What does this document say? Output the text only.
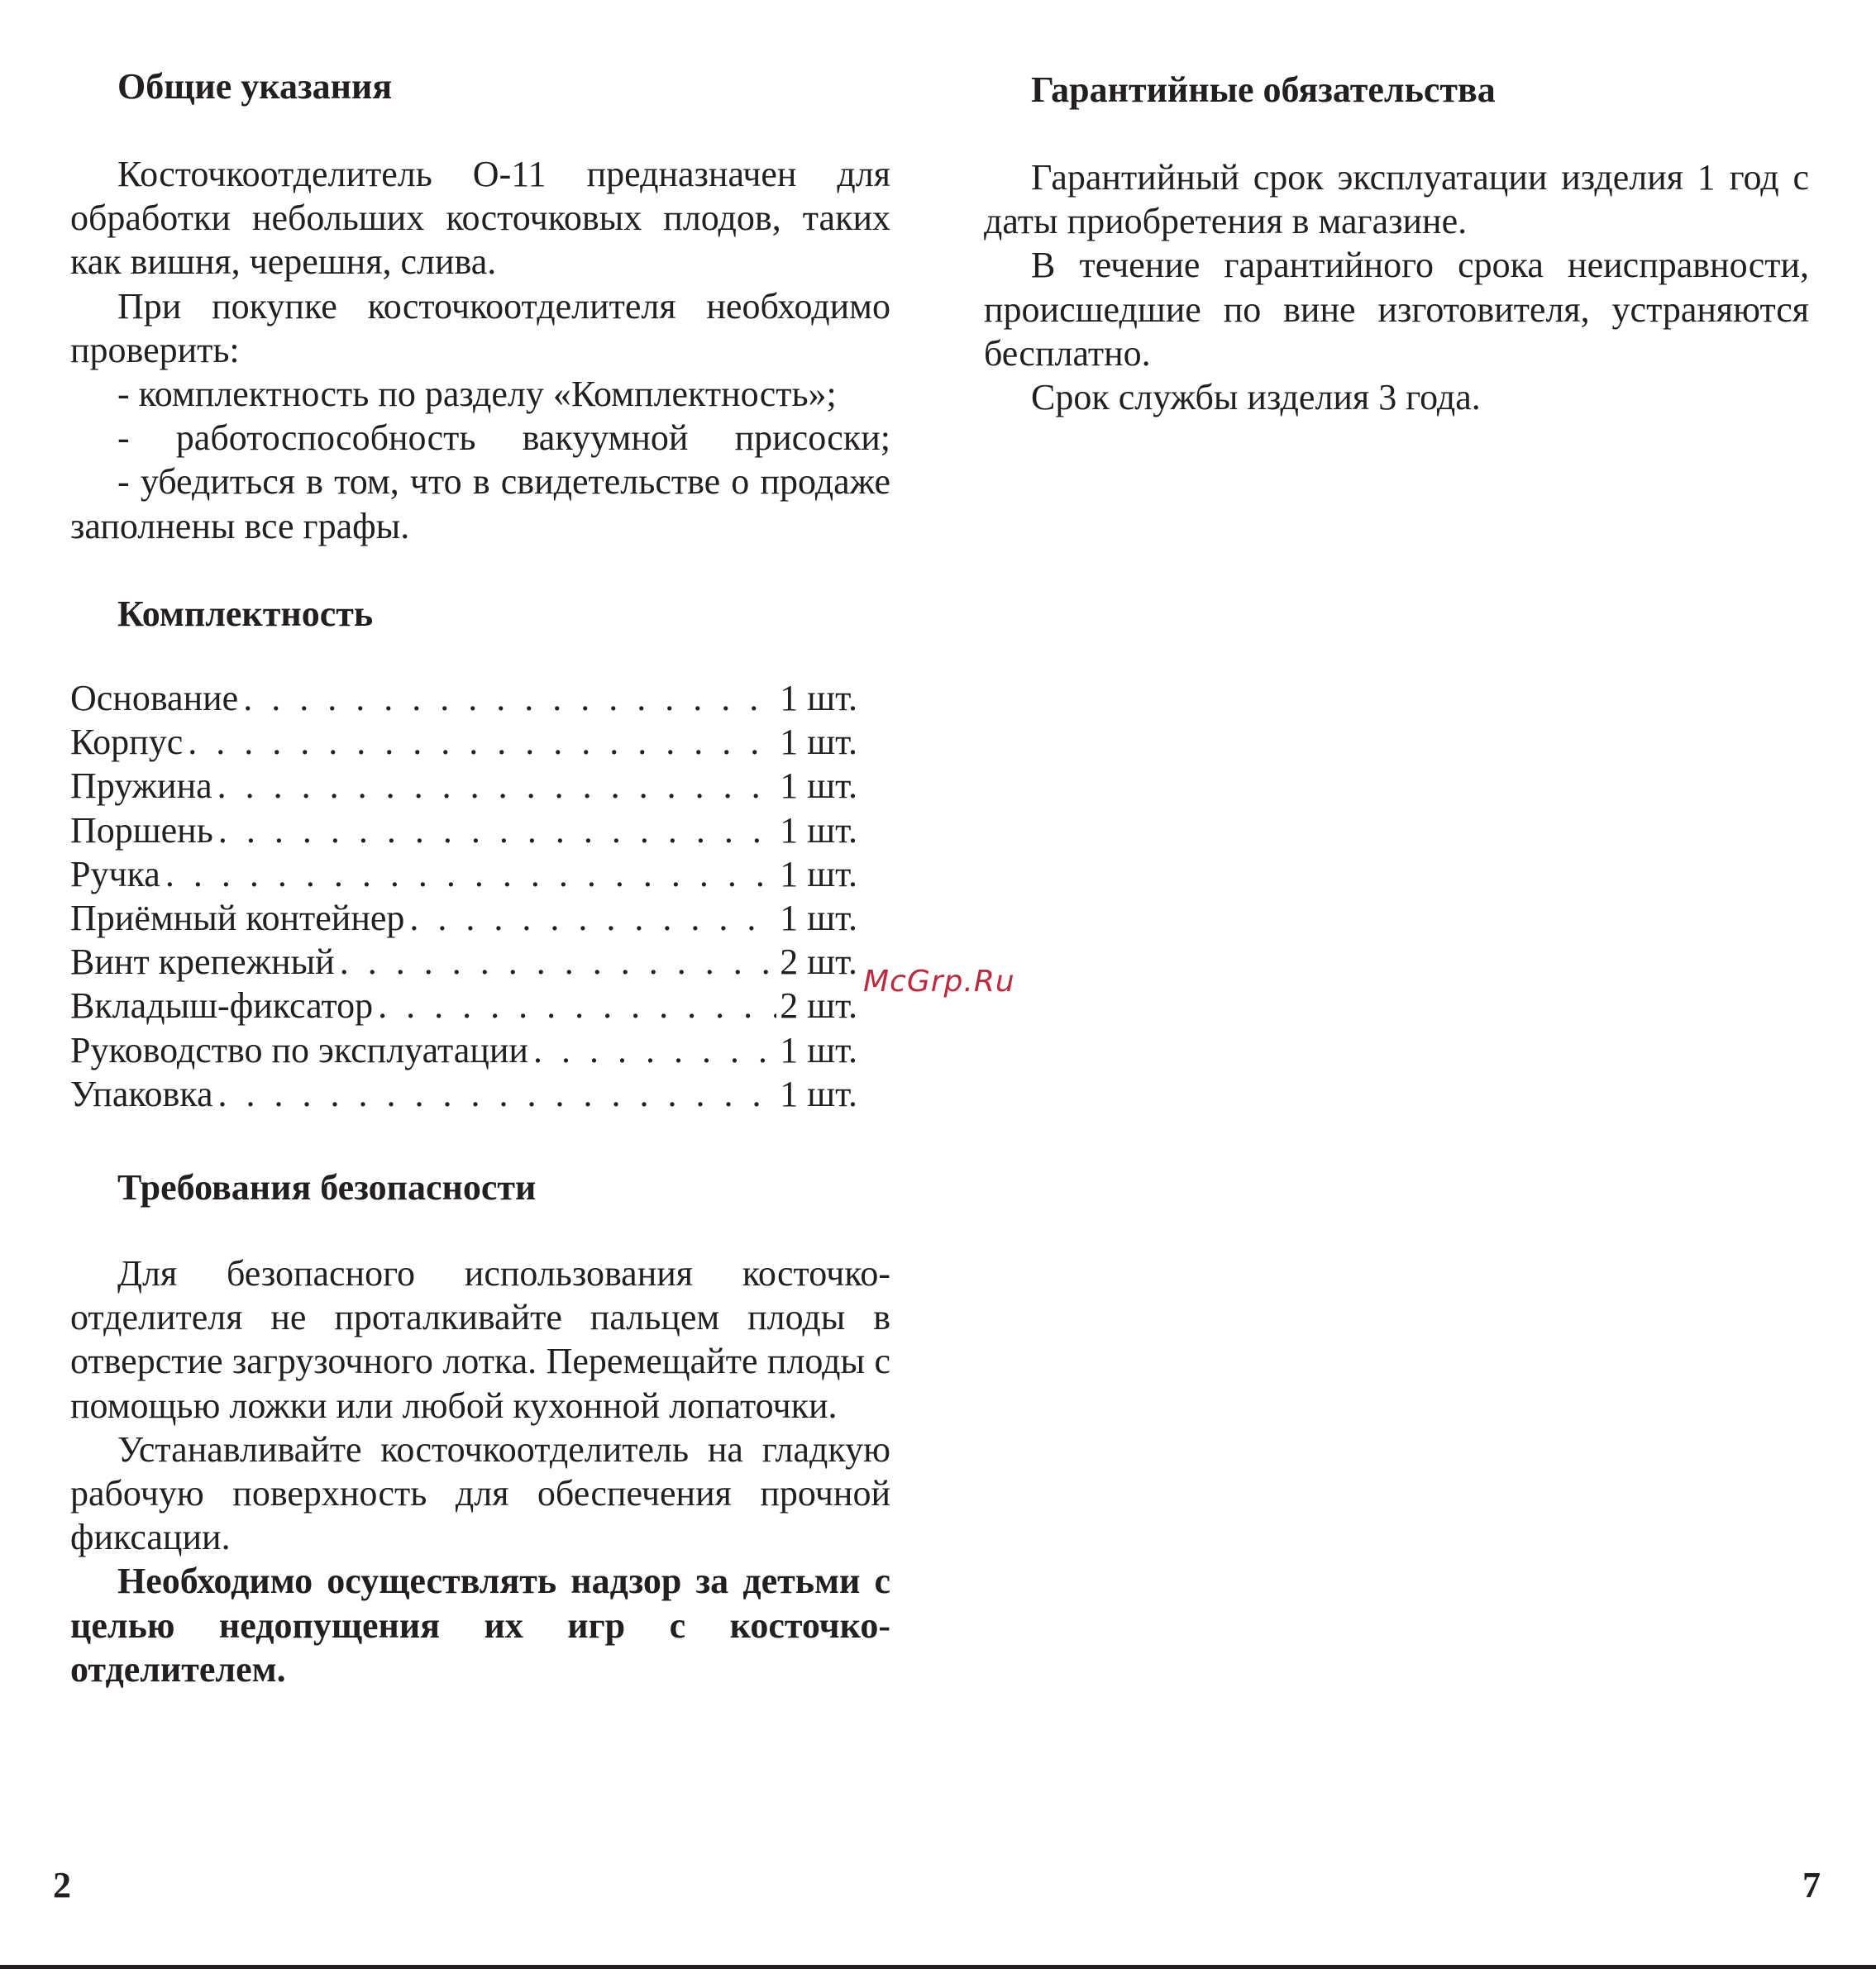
Общие указания

Косточкоотделитель О-11 предназначен для обработки небольших косточковых плодов, таких как вишня, черешня, слива.

При покупке косточкоотделителя необходимо проверить:

- комплектность по разделу «Комплектность»;

- работоспособность вакуумной присоски;

- убедиться в том, что в свидетельстве о продаже заполнены все графы.

Комплектность
Основание . . .	1 шт.
Корпус . . .	1 шт.
Пружина . . .	1 шт.
Поршень . . .	1 шт.
Ручка . . .	1 шт.
Приёмный контейнер . . .	1 шт.
Винт крепежный . . .	2 шт.
Вкладыш-фиксатор . . .	2 шт.
Руководство по эксплуатации . . .	1 шт.
Упаковка . . .	1 шт.
Требования безопасности

Для безопасного использования косточко-отделителя не проталкивайте пальцем плоды в отверстие загрузочного лотка. Перемещайте плоды с помощью ложки или любой кухонной лопаточки.

Устанавливайте косточкоотделитель на гладкую рабочую поверхность для обеспечения прочной фиксации.

Необходимо осуществлять надзор за детьми с целью недопущения их игр с косточко-отделителем.

Гарантийные обязательства

Гарантийный срок эксплуатации изделия 1 год с даты приобретения в магазине.

В течение гарантийного срока неисправности, происшедшие по вине изготовителя, устраняются бесплатно.

Срок службы изделия 3 года.

McGrp.Ru
2	7
